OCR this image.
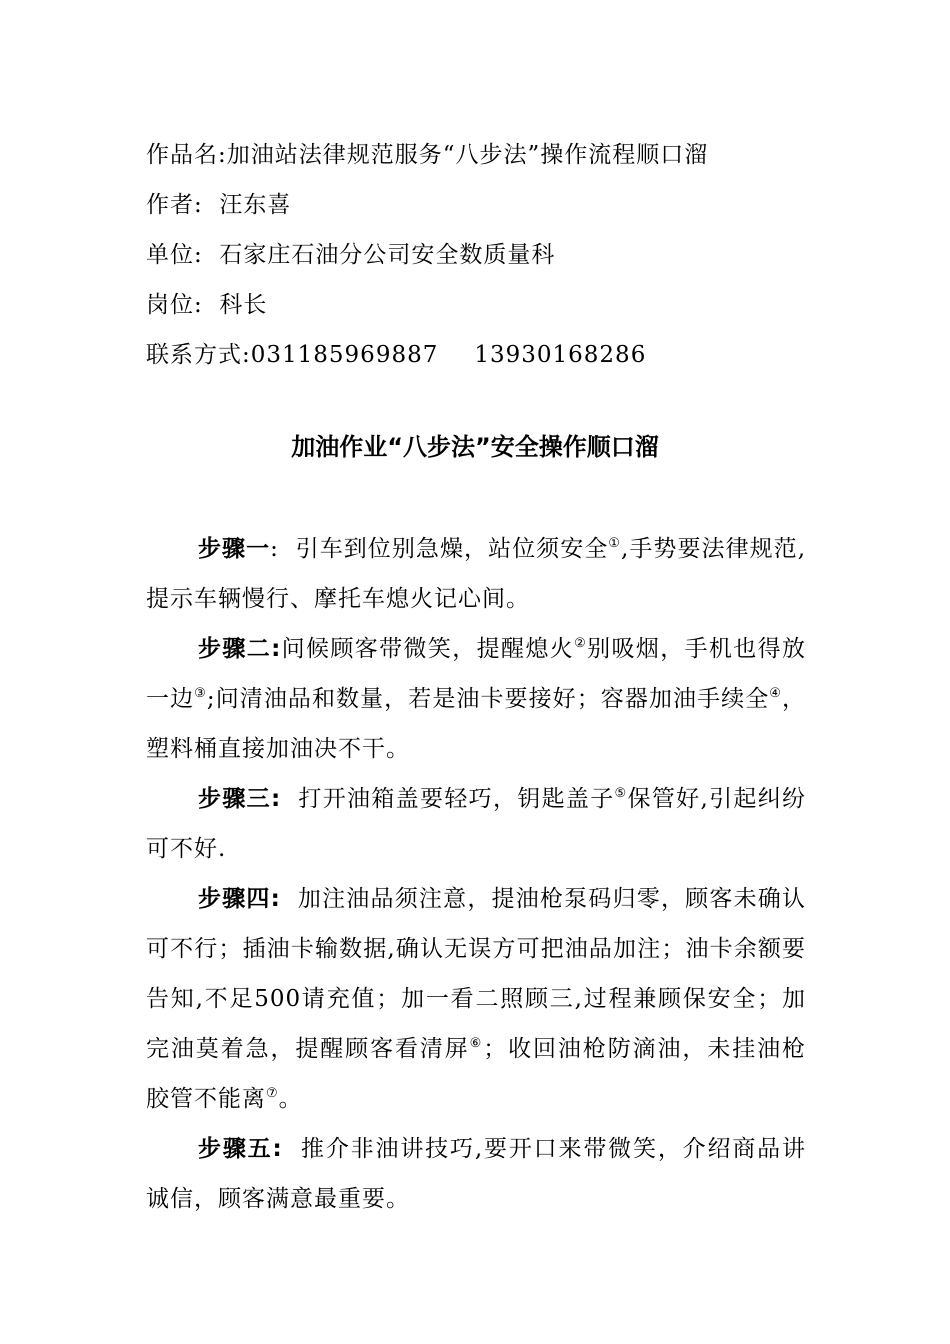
作品名:加油站法律规范服务“八步法”操作流程顺口溜
作者: 汪东喜
单位: 石家庄石油分公司安全数质量科
岗位: 科长
联系方式:03118596988​7 13930168286
加油作业“八步法”安全操作顺口溜

步骤一: 引车到位别急燥，站位须安全①,手势要法律规范,提示车辆慢行、摩托车熄火记心间。

步骤二:问候顾客带微笑，提醒熄火②别吸烟，手机也得放一边③;问清油品和数量，若是油卡要接好；容器加油手续全④，塑料桶直接加油决不干。

步骤三: 打开油箱盖要轻巧，钥匙盖子⑤保管好,引起纠纷可不好.

步骤四: 加注油品须注意，提油枪泵码归零，顾客未确认可不行；插油卡输数据,确认无误方可把油品加注；油卡余额要告知,不足500请充值；加一看二照顾三,过程兼顾保安全；加完油莫着急，提醒顾客看清屏⑥；收回油枪防滴油，未挂油枪胶管不能离⑦。

步骤五: 推介非油讲技巧,要开口来带微笑，介绍商品讲诚信，顾客满意最重要。
